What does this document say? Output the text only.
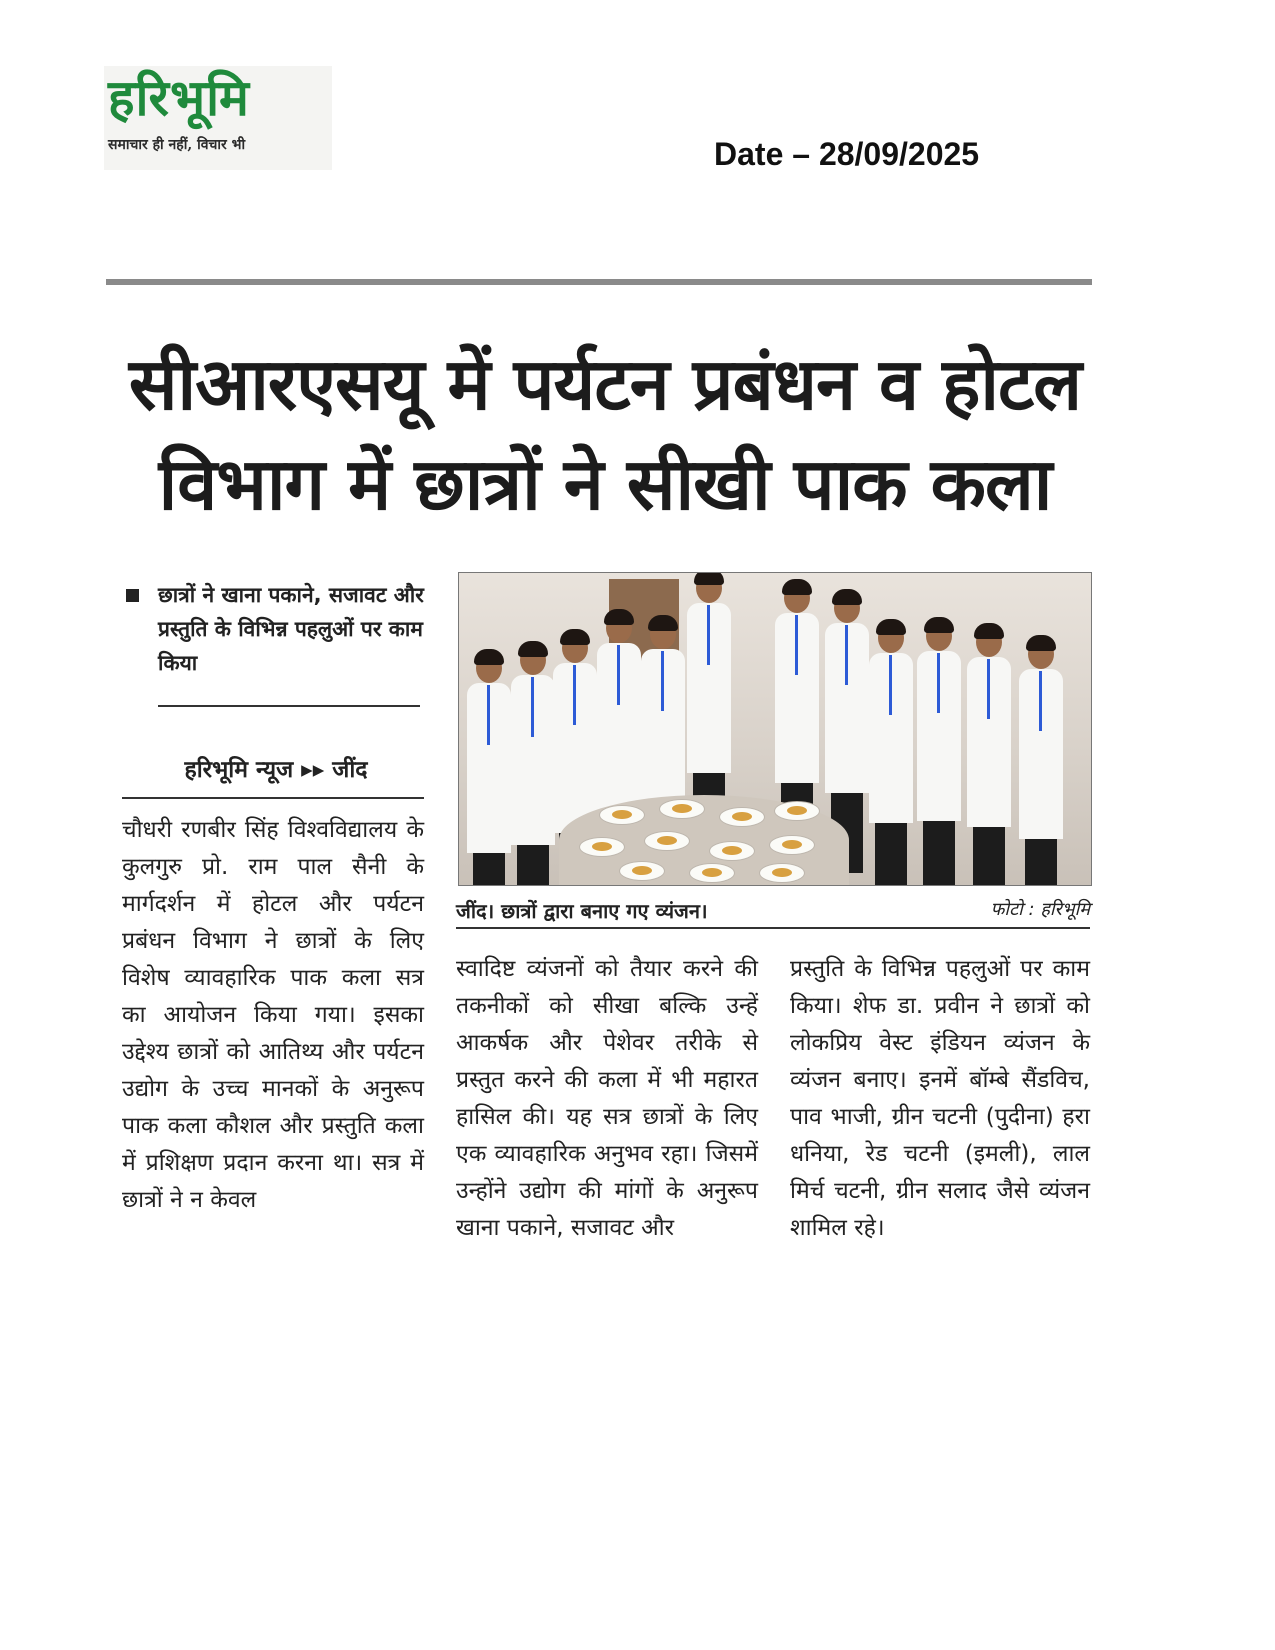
हरिभूमि
समाचार ही नहीं, विचार भी	Date – 28/09/2025
सीआरएसयू में पर्यटन प्रबंधन व होटल
विभाग में छात्रों ने सीखी पाक कला
छात्रों ने खाना पकाने, सजावट और प्रस्तुति के विभिन्न पहलुओं पर काम किया
हरिभूमि न्यूज ▸▸ जींद
चौधरी रणबीर सिंह विश्वविद्यालय के कुलगुरु प्रो. राम पाल सैनी के मार्गदर्शन में होटल और पर्यटन प्रबंधन विभाग ने छात्रों के लिए विशेष व्यावहारिक पाक कला सत्र का आयोजन किया गया। इसका उद्देश्य छात्रों को आतिथ्य और पर्यटन उद्योग के उच्च मानकों के अनुरूप पाक कला कौशल और प्रस्तुति कला में प्रशिक्षण प्रदान करना था। सत्र में छात्रों ने न केवल
जींद। छात्रों द्वारा बनाए गए व्यंजन।	फोटो : हरिभूमि
स्वादिष्ट व्यंजनों को तैयार करने की तकनीकों को सीखा बल्कि उन्हें आकर्षक और पेशेवर तरीके से प्रस्तुत करने की कला में भी महारत हासिल की। यह सत्र छात्रों के लिए एक व्यावहारिक अनुभव रहा। जिसमें उन्होंने उद्योग की मांगों के अनुरूप खाना पकाने, सजावट और
प्रस्तुति के विभिन्न पहलुओं पर काम किया। शेफ डा. प्रवीन ने छात्रों को लोकप्रिय वेस्ट इंडियन व्यंजन के व्यंजन बनाए। इनमें बॉम्बे सैंडविच, पाव भाजी, ग्रीन चटनी (पुदीना) हरा धनिया, रेड चटनी (इमली), लाल मिर्च चटनी, ग्रीन सलाद जैसे व्यंजन शामिल रहे।
